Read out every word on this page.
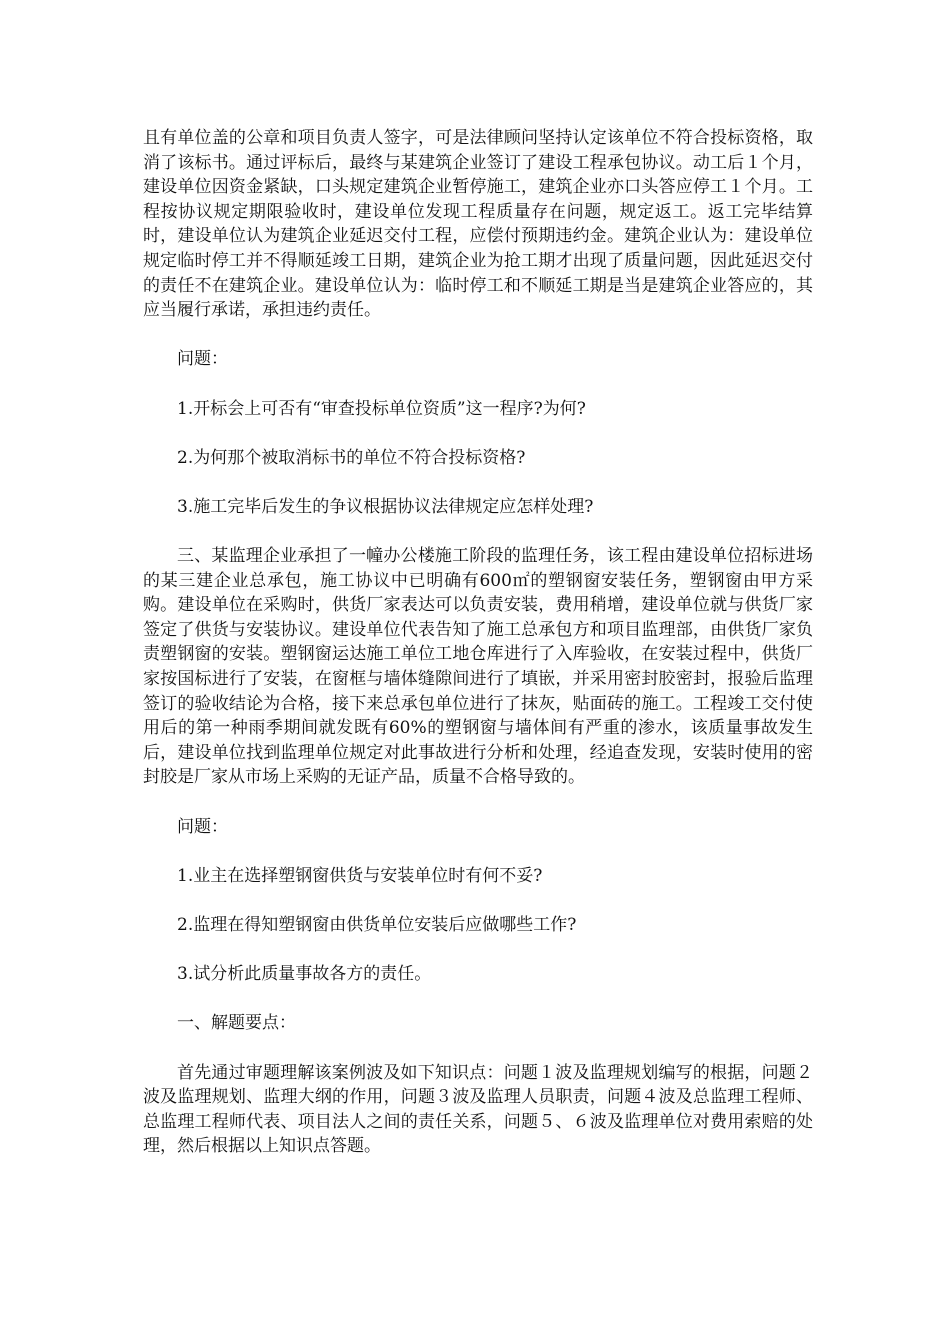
且有单位盖的公章和项目负责人签字，可是法律顾问坚持认定该单位不符合投标资格，取消了该标书。通过评标后，最终与某建筑企业签订了建设工程承包协议。动工后１个月，建设单位因资金紧缺，口头规定建筑企业暂停施工，建筑企业亦口头答应停工１个月。工程按协议规定期限验收时，建设单位发现工程质量存在问题，规定返工。返工完毕结算时，建设单位认为建筑企业延迟交付工程，应偿付预期违约金。建筑企业认为：建设单位规定临时停工并不得顺延竣工日期，建筑企业为抢工期才出现了质量问题，因此延迟交付的责任不在建筑企业。建设单位认为：临时停工和不顺延工期是当是建筑企业答应的，其应当履行承诺，承担违约责任。

问题：

1.开标会上可否有“审查投标单位资质”这一程序?为何?

2.为何那个被取消标书的单位不符合投标资格?

3.施工完毕后发生的争议根据协议法律规定应怎样处理?

三、某监理企业承担了一幢办公楼施工阶段的监理任务，该工程由建设单位招标进场的某三建企业总承包，施工协议中已明确有600㎡的塑钢窗安装任务，塑钢窗由甲方采购。建设单位在采购时，供货厂家表达可以负责安装，费用稍增，建设单位就与供货厂家签定了供货与安装协议。建设单位代表告知了施工总承包方和项目监理部，由供货厂家负责塑钢窗的安装。塑钢窗运达施工单位工地仓库进行了入库验收，在安装过程中，供货厂家按国标进行了安装，在窗框与墙体缝隙间进行了填嵌，并采用密封胶密封，报验后监理签订的验收结论为合格，接下来总承包单位进行了抹灰，贴面砖的施工。工程竣工交付使用后的第一种雨季期间就发既有60%的塑钢窗与墙体间有严重的渗水，该质量事故发生后，建设单位找到监理单位规定对此事故进行分析和处理，经追查发现，安装时使用的密封胶是厂家从市场上采购的无证产品，质量不合格导致的。

问题：

1.业主在选择塑钢窗供货与安装单位时有何不妥?

2.监理在得知塑钢窗由供货单位安装后应做哪些工作?

3.试分析此质量事故各方的责任。

一、解题要点：

首先通过审题理解该案例波及如下知识点：问题１波及监理规划编写的根据，问题２波及监理规划、监理大纲的作用，问题３波及监理人员职责，问题４波及总监理工程师、总监理工程师代表、项目法人之间的责任关系，问题５、６波及监理单位对费用索赔的处理，然后根据以上知识点答题。
